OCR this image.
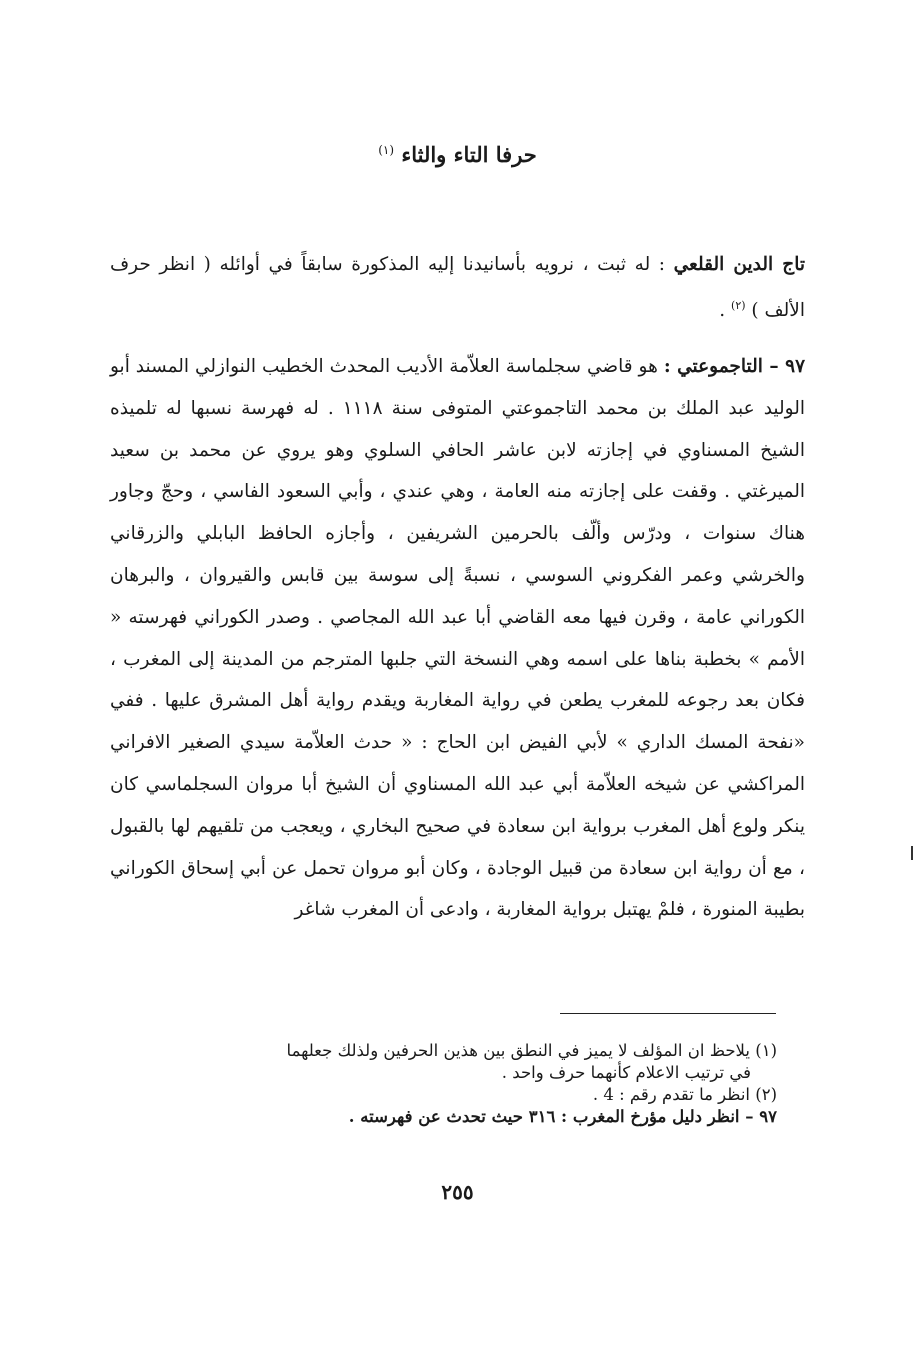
حرفا التاء والثاء $^{(١)}$

تاج الدين القلعي : له ثبت ، نرويه بأسانيدنا إليه المذكورة سابقاً في أوائله ( انظر حرف الألف ) $^{(٢)}$ .

٩٧ – التاجموعتي : هو قاضي سجلماسة العلاّمة الأديب المحدث الخطيب النوازلي المسند أبو الوليد عبد الملك بن محمد التاجموعتي المتوفى سنة ١١١٨ . له فهرسة نسبها له تلميذه الشيخ المسناوي في إجازته لابن عاشر الحافي السلوي وهو يروي عن محمد بن سعيد الميرغتي . وقفت على إجازته منه العامة ، وهي عندي ، وأبي السعود الفاسي ، وحجّ وجاور هناك سنوات ، ودرّس وألّف بالحرمين الشريفين ، وأجازه الحافظ البابلي والزرقاني والخرشي وعمر الفكروني السوسي ، نسبةً إلى سوسة بين قابس والقيروان ، والبرهان الكوراني عامة ، وقرن فيها معه القاضي أبا عبد الله المجاصي . وصدر الكوراني فهرسته « الأمم » بخطبة بناها على اسمه وهي النسخة التي جلبها المترجم من المدينة إلى المغرب ، فكان بعد رجوعه للمغرب يطعن في رواية المغاربة ويقدم رواية أهل المشرق عليها . ففي «نفحة المسك الداري » لأبي الفيض ابن الحاج : « حدث العلاّمة سيدي الصغير الافراني المراكشي عن شيخه العلاّمة أبي عبد الله المسناوي أن الشيخ أبا مروان السجلماسي كان ينكر ولوع أهل المغرب برواية ابن سعادة في صحيح البخاري ، ويعجب من تلقيهم لها بالقبول ، مع أن رواية ابن سعادة من قبيل الوجادة ، وكان أبو مروان تحمل عن أبي إسحاق الكوراني بطيبة المنورة ، فلمْ يهتبل برواية المغاربة ، وادعى أن المغرب شاغر

(١) يلاحظ ان المؤلف لا يميز في النطق بين هذين الحرفين ولذلك جعلهما

في ترتيب الاعلام كأنهما حرف واحد .

(٢) انظر ما تقدم رقم : 4 .

٩٧ – انظر دليل مؤرخ المغرب : ٣١٦ حيث تحدث عن فهرسته .

٢٥٥
